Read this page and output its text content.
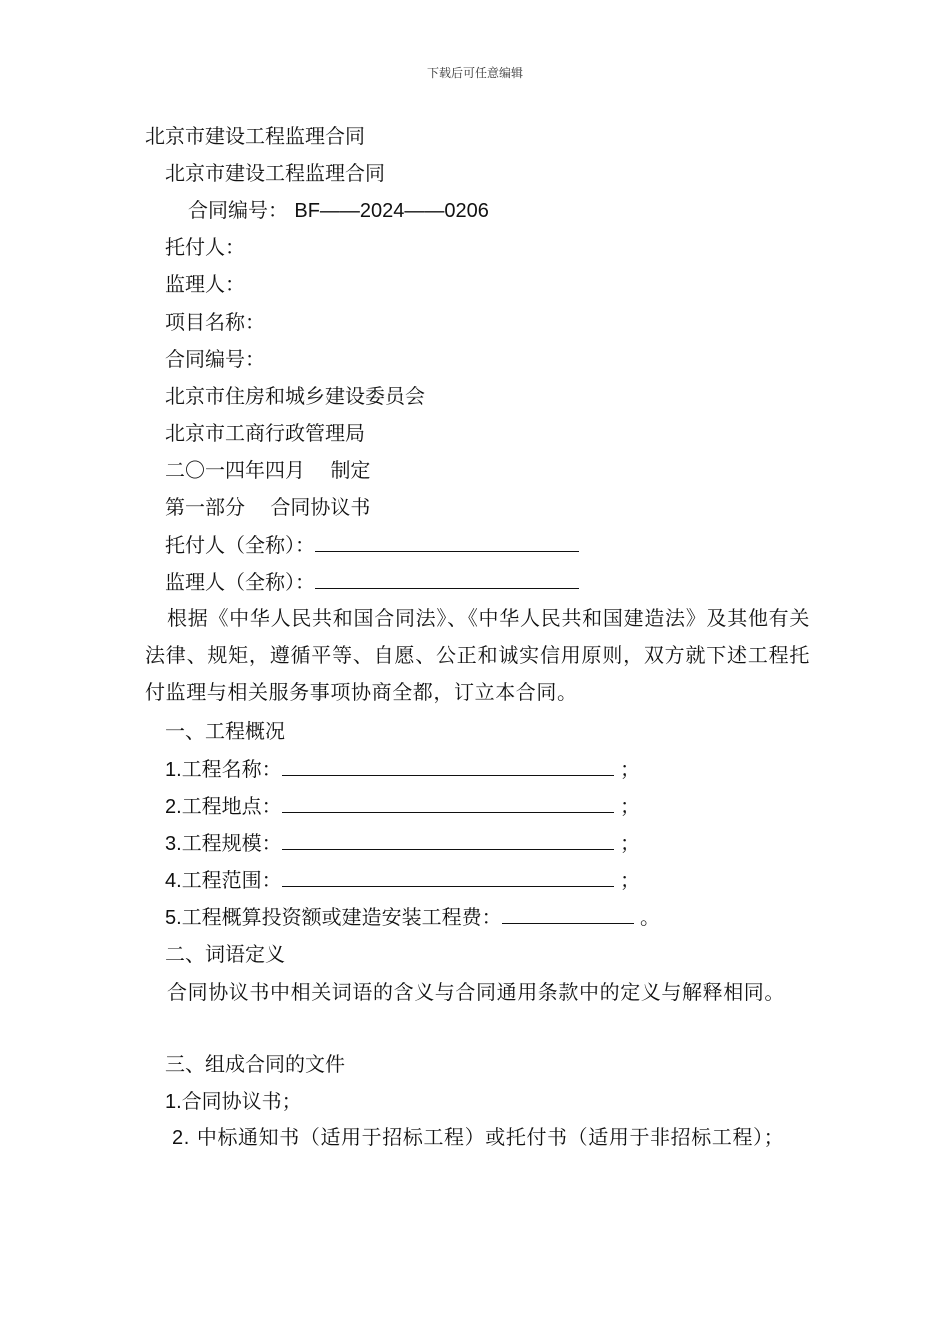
下载后可任意编辑
北京市建设工程监理合同
北京市建设工程监理合同
合同编号： BF——2024——0206
托付人：
监理人：
项目名称：
合同编号：
北京市住房和城乡建设委员会
北京市工商行政管理局
二〇一四年四月 制定
第一部分 合同协议书
托付人（全称）：
监理人（全称）：

根据《中华人民共和国合同法》、《中华人民共和国建造法》及其他有关法律、规矩，遵循平等、自愿、公正和诚实信用原则，双方就下述工程托付监理与相关服务事项协商全都，订立本合同。

一、工程概况
1.工程名称：	；
2.工程地点：	；
3.工程规模：	；
4.工程范围：	；
5.工程概算投资额或建造安装工程费：	。
二、词语定义

合同协议书中相关词语的含义与合同通用条款中的定义与解释相同。

三、组成合同的文件
1.合同协议书；

2. 中标通知书（适用于招标工程）或托付书（适用于非招标工程）；
